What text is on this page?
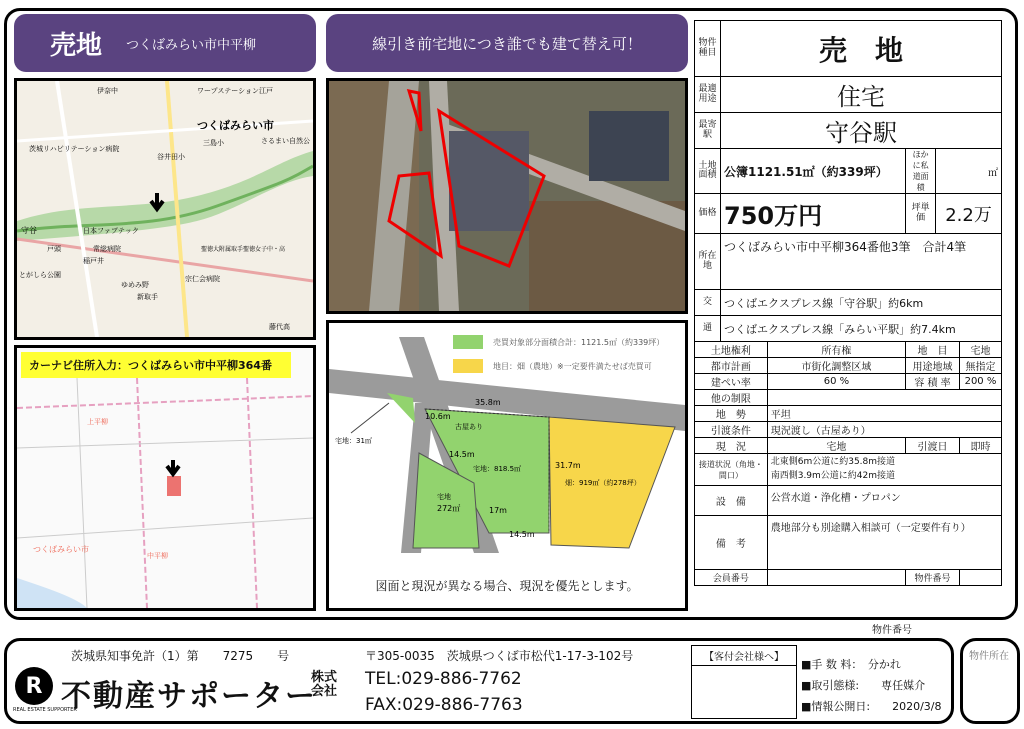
売地 つくばみらい市中平柳	線引き前宅地につき誰でも建て替え可！
つくばみらい市
伊奈中	ワープステーション江戸
茨城リハビリテーション病院
谷井田小
三島小	さるまい自然公
守谷	日本ファブテック
常総病院	聖徳大附属取手聖徳女子中・高
戸頭
稲戸井
ゆめみ野
新取手
宗仁会病院
とがしら公園
藤代高
つくばみらい市
中平柳
上平柳
カーナビ住所入力：つくばみらい市中平柳364番
売買対象部分面積合計：1121.5㎡（約339坪）
地目：畑（農地）※一定要件満たせば売買可
35.8m
10.6m
古屋あり
宅地：31㎡
14.5m
宅地：818.5㎡	31.7m
畑：919㎡（約278坪）
宅地
272㎡	17m
14.5m
図面と現況が異なる場合、現況を優先とします。
物件種目	売　地				
最適用途	住宅				
最寄駅	守谷駅				
土地面積	公簿1121.51㎡（約339坪）		ほかに私道面積	㎡	
価格	750万円		坪単価	2.2万	
所在地	つくばみらい市中平柳364番他3筆　合計4筆				
交	つくばエクスプレス線「守谷駅」約6km				
通	つくばエクスプレス線「みらい平駅」約7.4km				
土地権利		所有権	地　目		宅地
都市計画		市街化調整区域	用途地域		無指定
建ぺい率		60 %	容 積 率		200 %
他の制限					
地　勢		平坦			
引渡条件		現況渡し（古屋あり）			
現　況		宅地	引渡日		即時
接道状況（角地・間口）		北東側6m公道に約35.8m接道
南西側3.9m公道に約42m接道			

設　備		公営水道・浄化槽・プロパン			
備　考		農地部分も別途購入相談可（一定要件有り）			
会員番号			物件番号		
物件番号
茨城県知事免許（1）第　　7275　　号	〒305-0035　茨城県つくば市松代1-17-3-102号
R
REAL ESTATE SUPPORTER
不動産サポーター
株式会社
TEL:029-886-7762
FAX:029-886-7763
【客付会社様へ】
■手 数 料：　分かれ
■取引態様:　　専任媒介
■情報公開日:　　2020/3/8
物件所在
